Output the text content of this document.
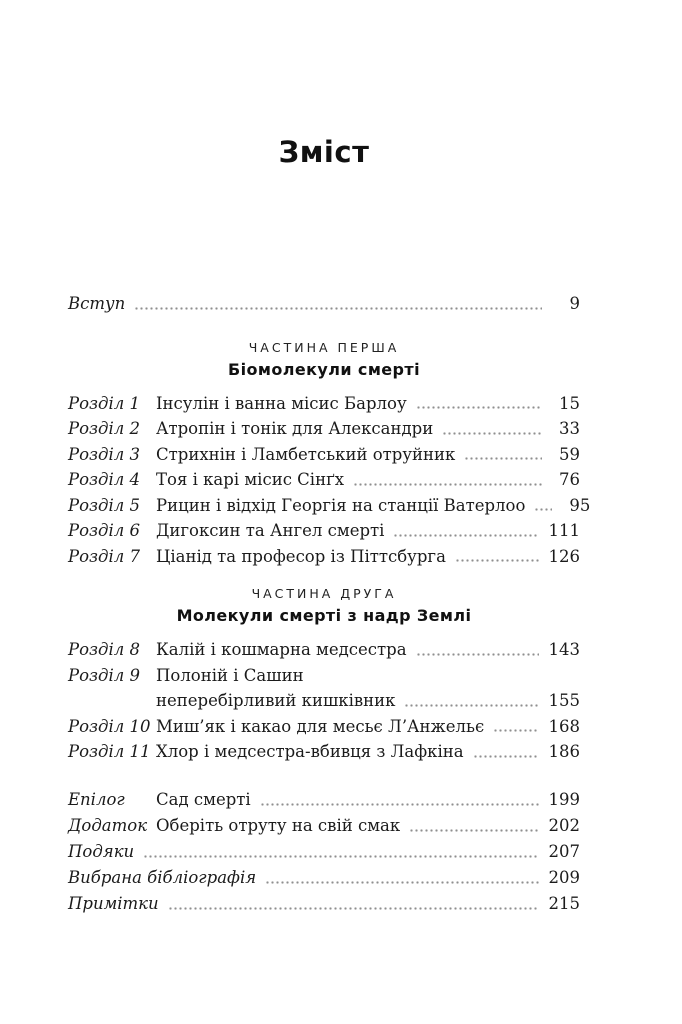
Зміст
Вступ	9
ЧАСТИНА ПЕРША
Біомолекули смерті
Розділ 1 Інсулін і ванна місис Барлоу	15
Розділ 2 Атропін і тонік для Александри	33
Розділ 3 Стрихнін і Ламбетський отруйник	59
Розділ 4 Тоя і карі місис Сінґх	76
Розділ 5 Рицин і відхід Георгія на станції Ватерлоо	95
Розділ 6 Дигоксин та Ангел смерті	111
Розділ 7 Ціанід та професор із Піттсбурга	126
ЧАСТИНА ДРУГА
Молекули смерті з надр Землі
Розділ 8 Калій і кошмарна медсестра	143
Розділ 9 Полоній і Сашин
неперебірливий кишківник	155
Розділ 10 Миш’як і какао для месьє Л’Анжельє	168
Розділ 11 Хлор і медсестра-вбивця з Лафкіна	186
Епілог	Сад смерті	199
Додаток Оберіть отруту на свій смак	202
Подяки	207
Вибрана бібліографія	209
Примітки	215
